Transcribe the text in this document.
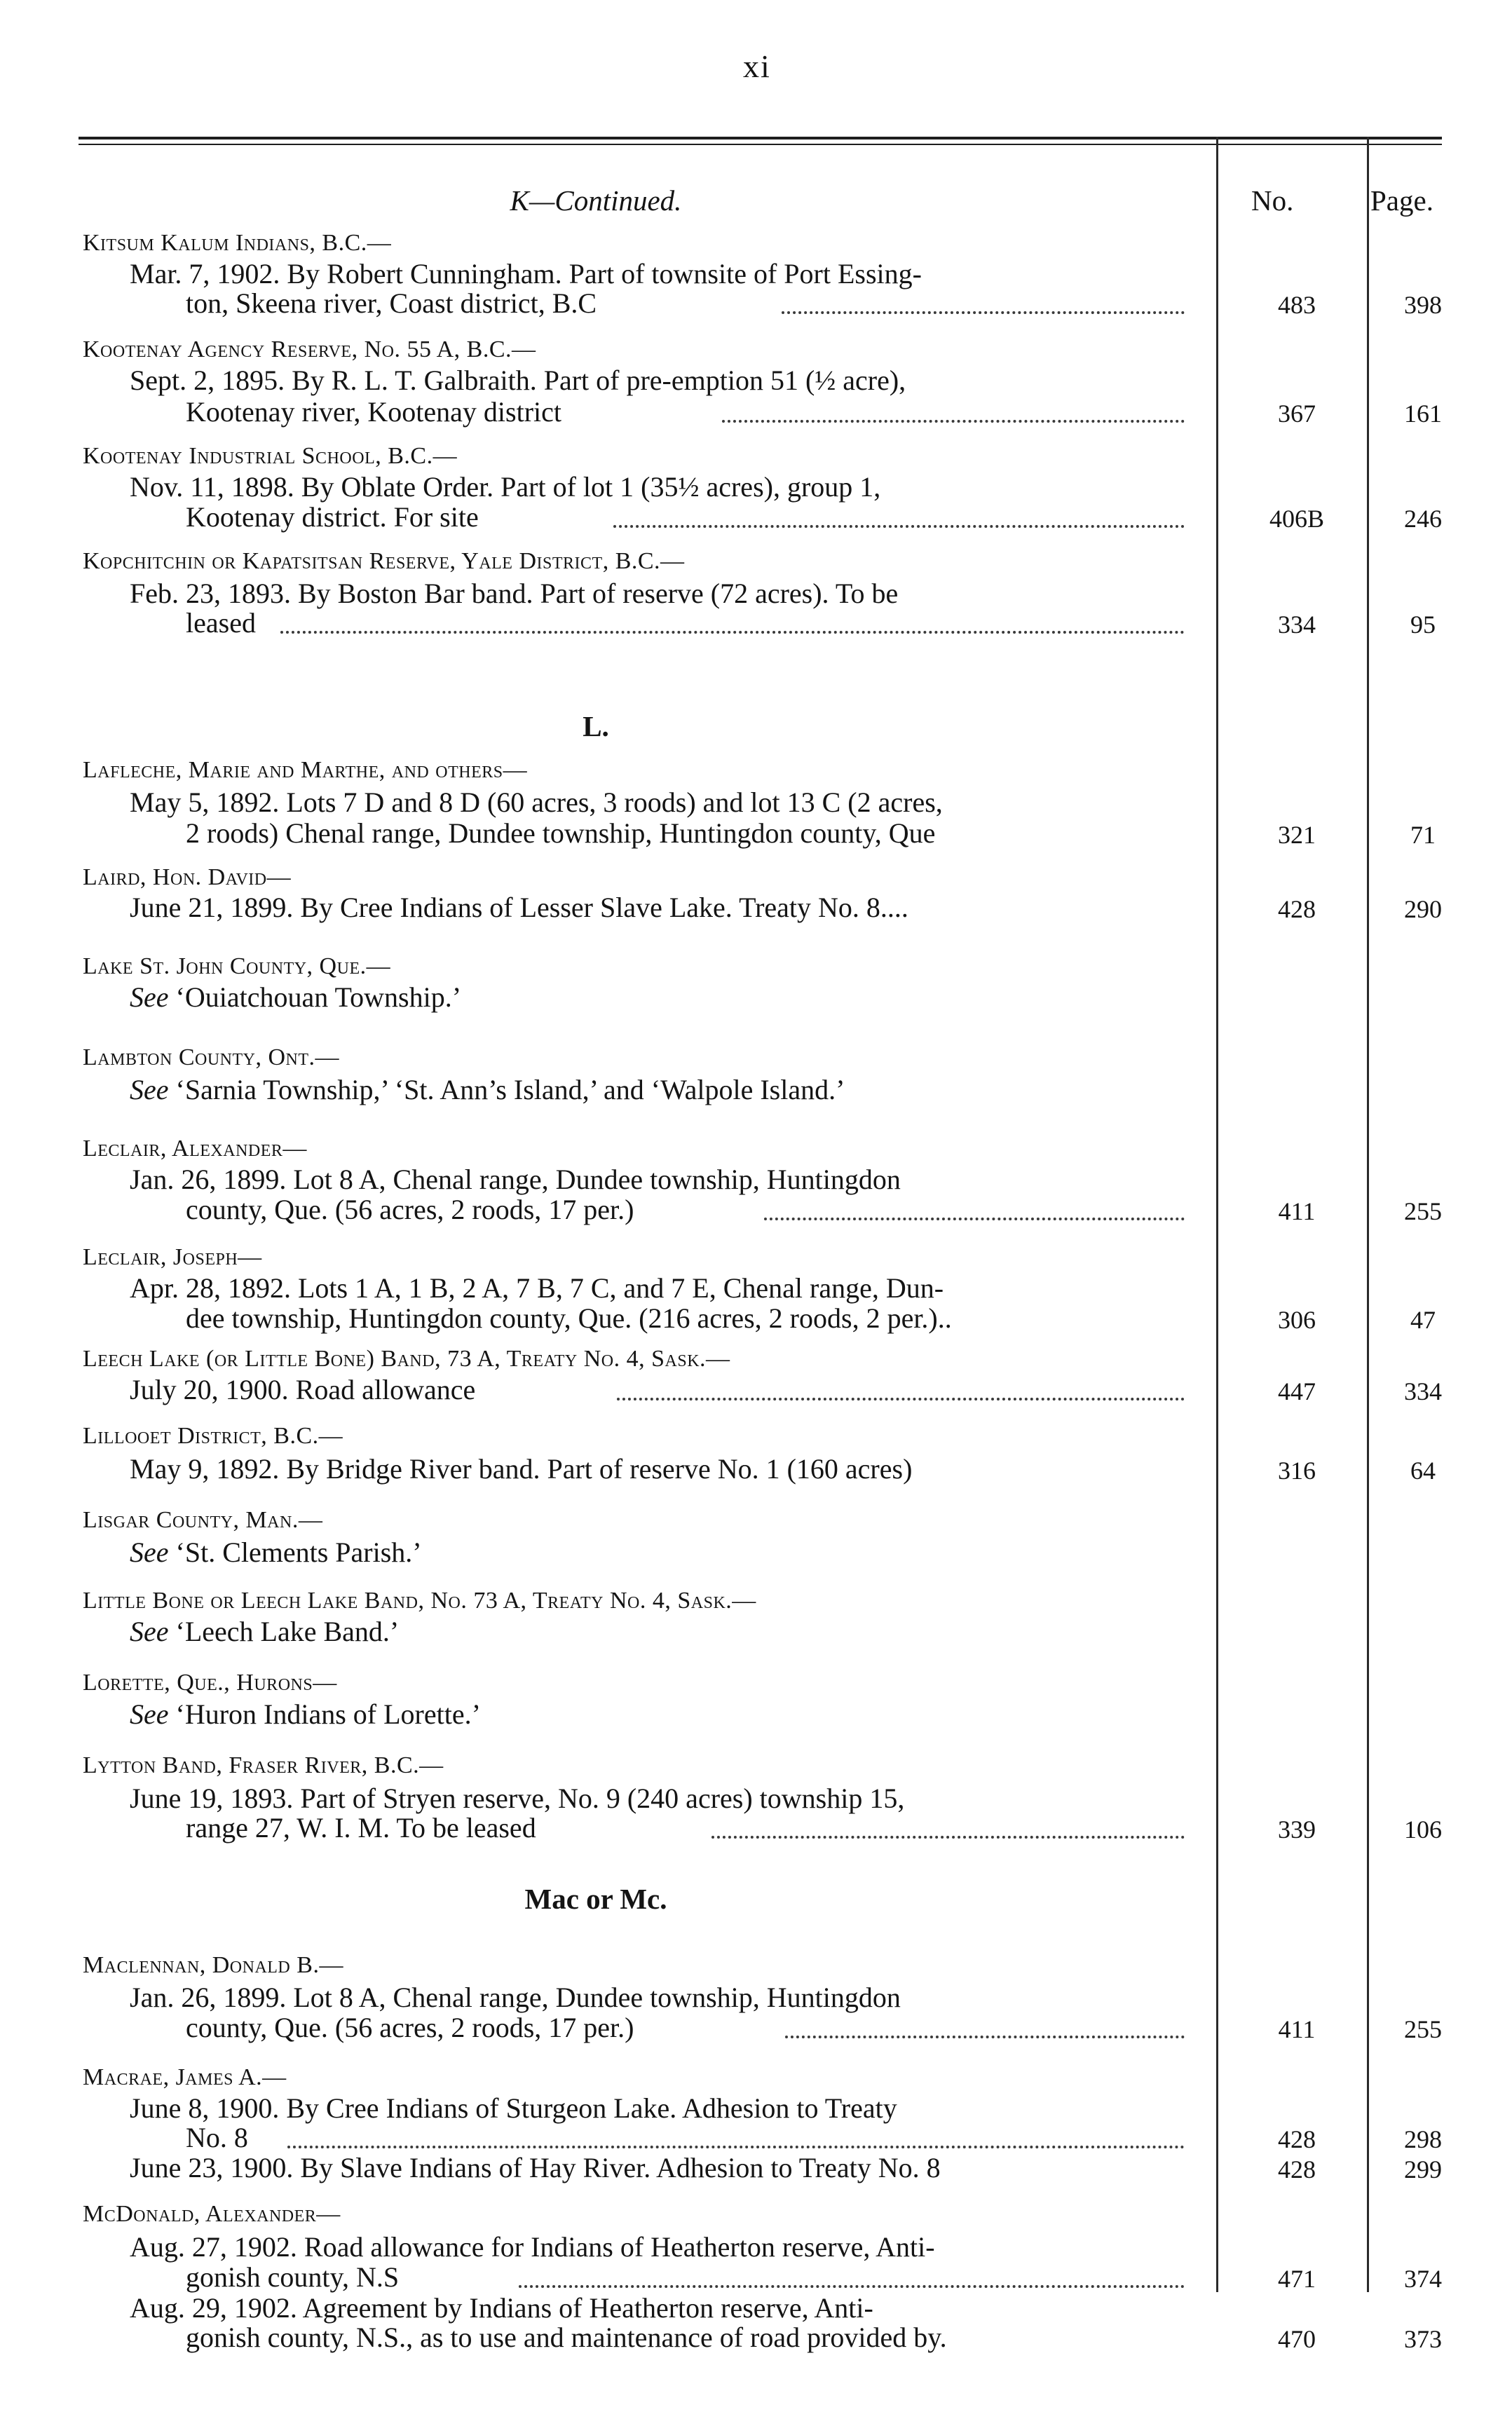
xi
No.	Page.
K—Continued.
L.
Mac or Mc.
Kitsum Kalum Indians, B.C.—
Mar. 7, 1902. By Robert Cunningham. Part of townsite of Port Essing-
ton, Skeena river, Coast district, B.C	483	398
Kootenay Agency Reserve, No. 55 A, B.C.—
Sept. 2, 1895. By R. L. T. Galbraith. Part of pre-emption 51 (½ acre),
Kootenay river, Kootenay district	367	161
Kootenay Industrial School, B.C.—
Nov. 11, 1898. By Oblate Order. Part of lot 1 (35½ acres), group 1,
Kootenay district. For site	406B	246
Kopchitchin or Kapatsitsan Reserve, Yale District, B.C.—
Feb. 23, 1893. By Boston Bar band. Part of reserve (72 acres). To be
leased	334	95
Lafleche, Marie and Marthe, and others—
May 5, 1892. Lots 7 D and 8 D (60 acres, 3 roods) and lot 13 C (2 acres,
2 roods) Chenal range, Dundee township, Huntingdon county, Que	321	71
Laird, Hon. David—
June 21, 1899. By Cree Indians of Lesser Slave Lake. Treaty No. 8....	428	290
Lake St. John County, Que.—
See ‘Ouiatchouan Township.’
Lambton County, Ont.—
See ‘Sarnia Township,’ ‘St. Ann’s Island,’ and ‘Walpole Island.’
Leclair, Alexander—
Jan. 26, 1899. Lot 8 A, Chenal range, Dundee township, Huntingdon
county, Que. (56 acres, 2 roods, 17 per.)	411	255
Leclair, Joseph—
Apr. 28, 1892. Lots 1 A, 1 B, 2 A, 7 B, 7 C, and 7 E, Chenal range, Dun-
dee township, Huntingdon county, Que. (216 acres, 2 roods, 2 per.)..	306	47
Leech Lake (or Little Bone) Band, 73 A, Treaty No. 4, Sask.—
July 20, 1900. Road allowance	447	334
Lillooet District, B.C.—
May 9, 1892. By Bridge River band. Part of reserve No. 1 (160 acres)	316	64
Lisgar County, Man.—
See ‘St. Clements Parish.’
Little Bone or Leech Lake Band, No. 73 A, Treaty No. 4, Sask.—
See ‘Leech Lake Band.’
Lorette, Que., Hurons—
See ‘Huron Indians of Lorette.’
Lytton Band, Fraser River, B.C.—
June 19, 1893. Part of Stryen reserve, No. 9 (240 acres) township 15,
range 27, W. I. M. To be leased	339	106
Maclennan, Donald B.—
Jan. 26, 1899. Lot 8 A, Chenal range, Dundee township, Huntingdon
county, Que. (56 acres, 2 roods, 17 per.)	411	255
Macrae, James A.—
June 8, 1900. By Cree Indians of Sturgeon Lake. Adhesion to Treaty
No. 8	428	298
June 23, 1900. By Slave Indians of Hay River. Adhesion to Treaty No. 8	428	299
McDonald, Alexander—
Aug. 27, 1902. Road allowance for Indians of Heatherton reserve, Anti-
gonish county, N.S	471	374
Aug. 29, 1902. Agreement by Indians of Heatherton reserve, Anti-
gonish county, N.S., as to use and maintenance of road provided by.	470	373
